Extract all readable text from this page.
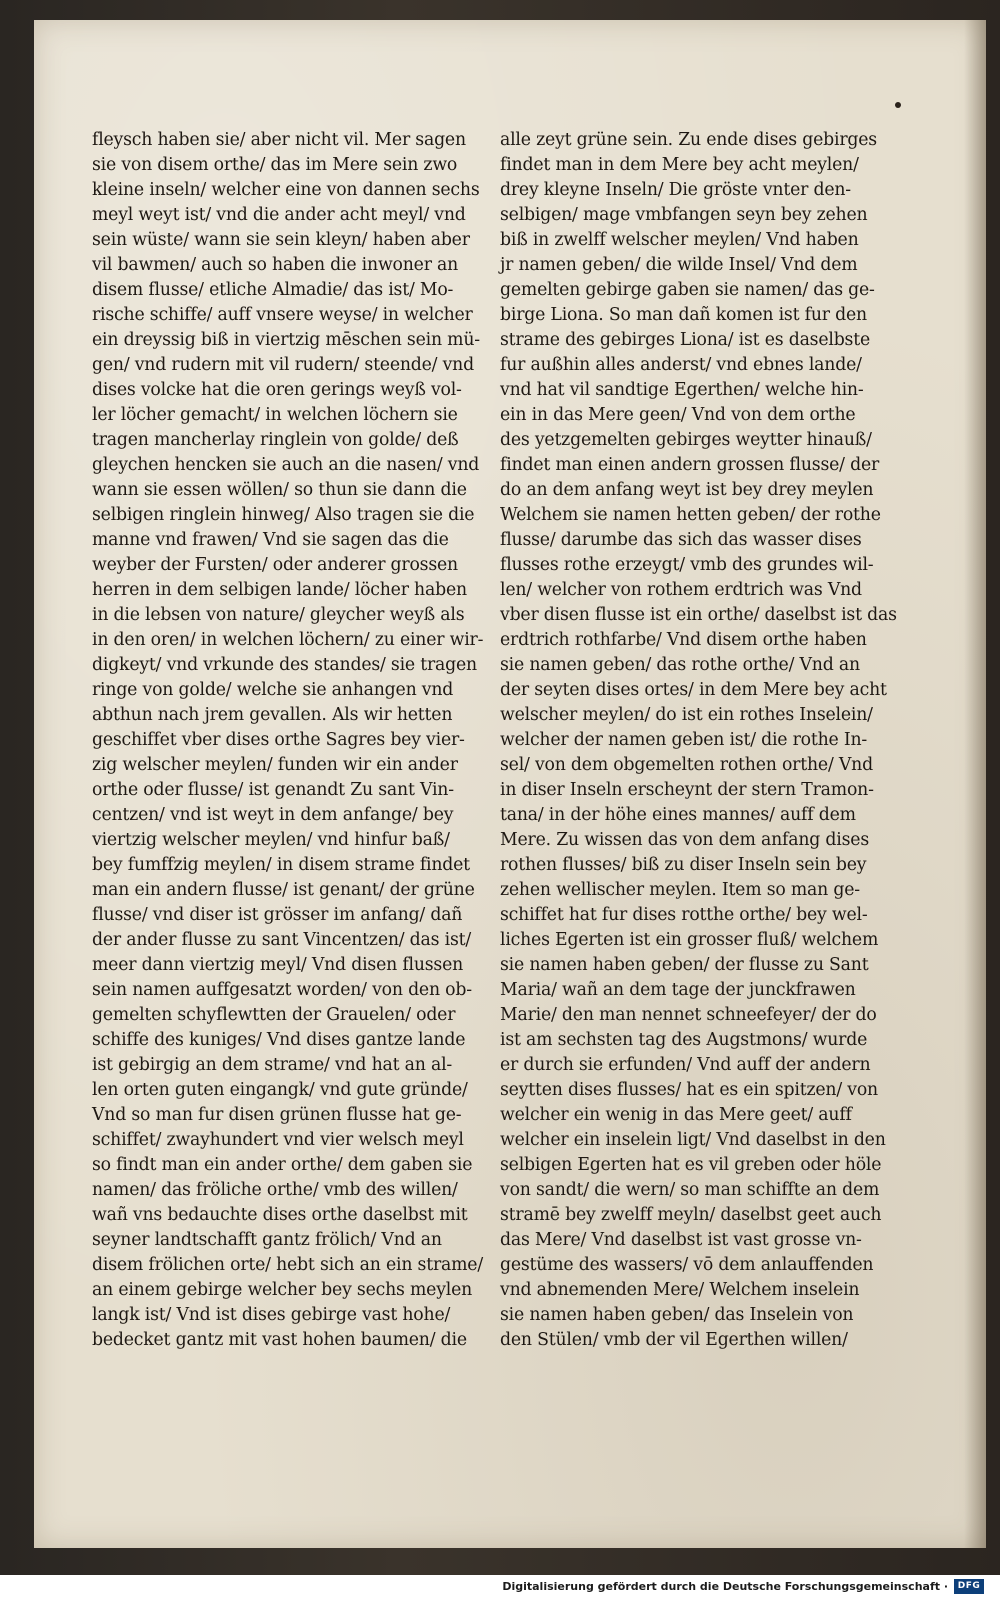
fleysch haben sie/ aber nicht vil. Mer sagen
sie von disem orthe/ das im Mere sein zwo
kleine inseln/ welcher eine von dannen sechs
meyl weyt ist/ vnd die ander acht meyl/ vnd
sein wüste/ wann sie sein kleyn/ haben aber
vil bawmen/ auch so haben die inwoner an
disem flusse/ etliche Almadie/ das ist/ Mo-
rische schiffe/ auff vnsere weyse/ in welcher
ein dreyssig biß in viertzig mēschen sein mü-
gen/ vnd rudern mit vil rudern/ steende/ vnd
dises volcke hat die oren gerings weyß vol-
ler löcher gemacht/ in welchen löchern sie
tragen mancherlay ringlein von golde/ deß
gleychen hencken sie auch an die nasen/ vnd
wann sie essen wöllen/ so thun sie dann die
selbigen ringlein hinweg/ Also tragen sie die
manne vnd frawen/ Vnd sie sagen das die
weyber der Fursten/ oder anderer grossen
herren in dem selbigen lande/ löcher haben
in die lebsen von nature/ gleycher weyß als
in den oren/ in welchen löchern/ zu einer wir-
digkeyt/ vnd vrkunde des standes/ sie tragen
ringe von golde/ welche sie anhangen vnd
abthun nach jrem gevallen. Als wir hetten
geschiffet vber dises orthe Sagres bey vier-
zig welscher meylen/ funden wir ein ander
orthe oder flusse/ ist genandt Zu sant Vin-
centzen/ vnd ist weyt in dem anfange/ bey
viertzig welscher meylen/ vnd hinfur baß/
bey fumffzig meylen/ in disem strame findet
man ein andern flusse/ ist genant/ der grüne
flusse/ vnd diser ist grösser im anfang/ dañ
der ander flusse zu sant Vincentzen/ das ist/
meer dann viertzig meyl/ Vnd disen flussen
sein namen auffgesatzt worden/ von den ob-
gemelten schyflewtten der Grauelen/ oder
schiffe des kuniges/ Vnd dises gantze lande
ist gebirgig an dem strame/ vnd hat an al-
len orten guten eingangk/ vnd gute gründe/
Vnd so man fur disen grünen flusse hat ge-
schiffet/ zwayhundert vnd vier welsch meyl
so findt man ein ander orthe/ dem gaben sie
namen/ das fröliche orthe/ vmb des willen/
wañ vns bedauchte dises orthe daselbst mit
seyner landtschafft gantz frölich/ Vnd an
disem frölichen orte/ hebt sich an ein strame/
an einem gebirge welcher bey sechs meylen
langk ist/ Vnd ist dises gebirge vast hohe/
bedecket gantz mit vast hohen baumen/ die
alle zeyt grüne sein. Zu ende dises gebirges
findet man in dem Mere bey acht meylen/
drey kleyne Inseln/ Die gröste vnter den-
selbigen/ mage vmbfangen seyn bey zehen
biß in zwelff welscher meylen/ Vnd haben
jr namen geben/ die wilde Insel/ Vnd dem
gemelten gebirge gaben sie namen/ das ge-
birge Liona. So man dañ komen ist fur den
strame des gebirges Liona/ ist es daselbste
fur außhin alles anderst/ vnd ebnes lande/
vnd hat vil sandtige Egerthen/ welche hin-
ein in das Mere geen/ Vnd von dem orthe
des yetzgemelten gebirges weytter hinauß/
findet man einen andern grossen flusse/ der
do an dem anfang weyt ist bey drey meylen
Welchem sie namen hetten geben/ der rothe
flusse/ darumbe das sich das wasser dises
flusses rothe erzeygt/ vmb des grundes wil-
len/ welcher von rothem erdtrich was Vnd
vber disen flusse ist ein orthe/ daselbst ist das
erdtrich rothfarbe/ Vnd disem orthe haben
sie namen geben/ das rothe orthe/ Vnd an
der seyten dises ortes/ in dem Mere bey acht
welscher meylen/ do ist ein rothes Inselein/
welcher der namen geben ist/ die rothe In-
sel/ von dem obgemelten rothen orthe/ Vnd
in diser Inseln erscheynt der stern Tramon-
tana/ in der höhe eines mannes/ auff dem
Mere. Zu wissen das von dem anfang dises
rothen flusses/ biß zu diser Inseln sein bey
zehen wellischer meylen. Item so man ge-
schiffet hat fur dises rotthe orthe/ bey wel-
liches Egerten ist ein grosser fluß/ welchem
sie namen haben geben/ der flusse zu Sant
Maria/ wañ an dem tage der junckfrawen
Marie/ den man nennet schneefeyer/ der do
ist am sechsten tag des Augstmons/ wurde
er durch sie erfunden/ Vnd auff der andern
seytten dises flusses/ hat es ein spitzen/ von
welcher ein wenig in das Mere geet/ auff
welcher ein inselein ligt/ Vnd daselbst in den
selbigen Egerten hat es vil greben oder höle
von sandt/ die wern/ so man schiffte an dem
stramē bey zwelff meyln/ daselbst geet auch
das Mere/ Vnd daselbst ist vast grosse vn-
gestüme des wassers/ vō dem anlauffenden
vnd abnemenden Mere/ Welchem inselein
sie namen haben geben/ das Inselein von
den Stülen/ vmb der vil Egerthen willen/
Digitalisierung gefördert durch die Deutsche Forschungsgemeinschaft ·	DFG
